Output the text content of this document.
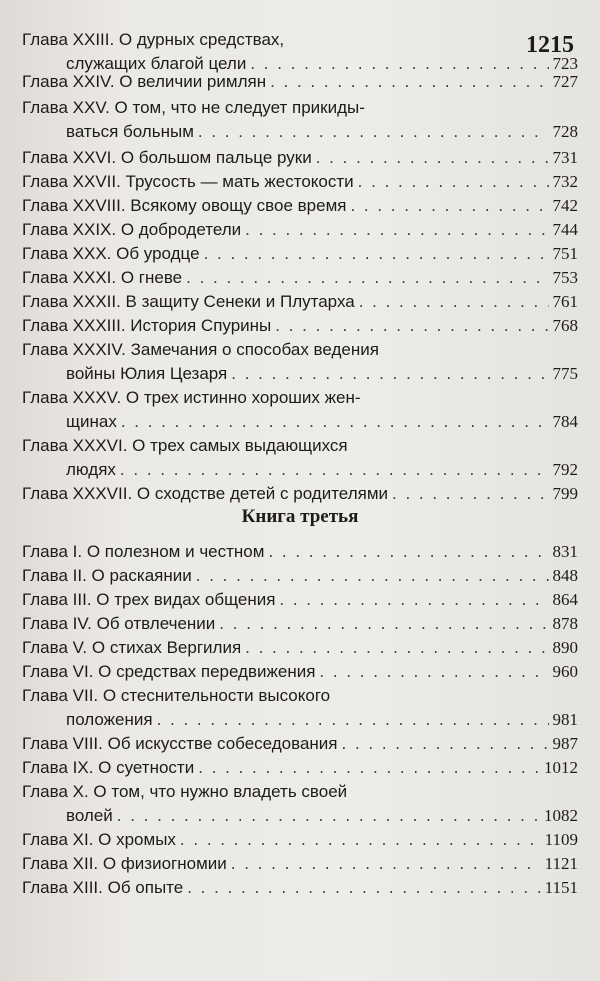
1215
Глава XXIII. О дурных средствах,
служащих благой цели . . .	723
Глава XXIV. О величии римлян . . .	727
Глава XXV. О том, что не следует прикиды-
ваться больным . . .	728
Глава XXVI. О большом пальце руки . . .	731
Глава XXVII. Трусость — мать жестокости . . .	732
Глава XXVIII. Всякому овощу свое время . . .	742
Глава XXIX. О добродетели . . .	744
Глава XXX. Об уродце . . .	751
Глава XXXI. О гневе . . .	753
Глава XXXII. В защиту Сенеки и Плутарха . . .	761
Глава XXXIII. История Спурины . . .	768
Глава XXXIV. Замечания о способах ведения
войны Юлия Цезаря . . .	775
Глава XXXV. О трех истинно хороших жен-
щинах . . .	784
Глава XXXVI. О трех самых выдающихся
людях . . .	792
Глава XXXVII. О сходстве детей с родителями . . .	799
Книга третья
Глава I. О полезном и честном . . .	831
Глава II. О раскаянии . . .	848
Глава III. О трех видах общения . . .	864
Глава IV. Об отвлечении . . .	878
Глава V. О стихах Вергилия . . .	890
Глава VI. О средствах передвижения . . .	960
Глава VII. О стеснительности высокого
положения . . .	981
Глава VIII. Об искусстве собеседования . . .	987
Глава IX. О суетности . . .	1012
Глава X. О том, что нужно владеть своей
волей . . .	1082
Глава XI. О хромых . . .	1109
Глава XII. О физиогномии . . .	1121
Глава XIII. Об опыте . . .	1151
